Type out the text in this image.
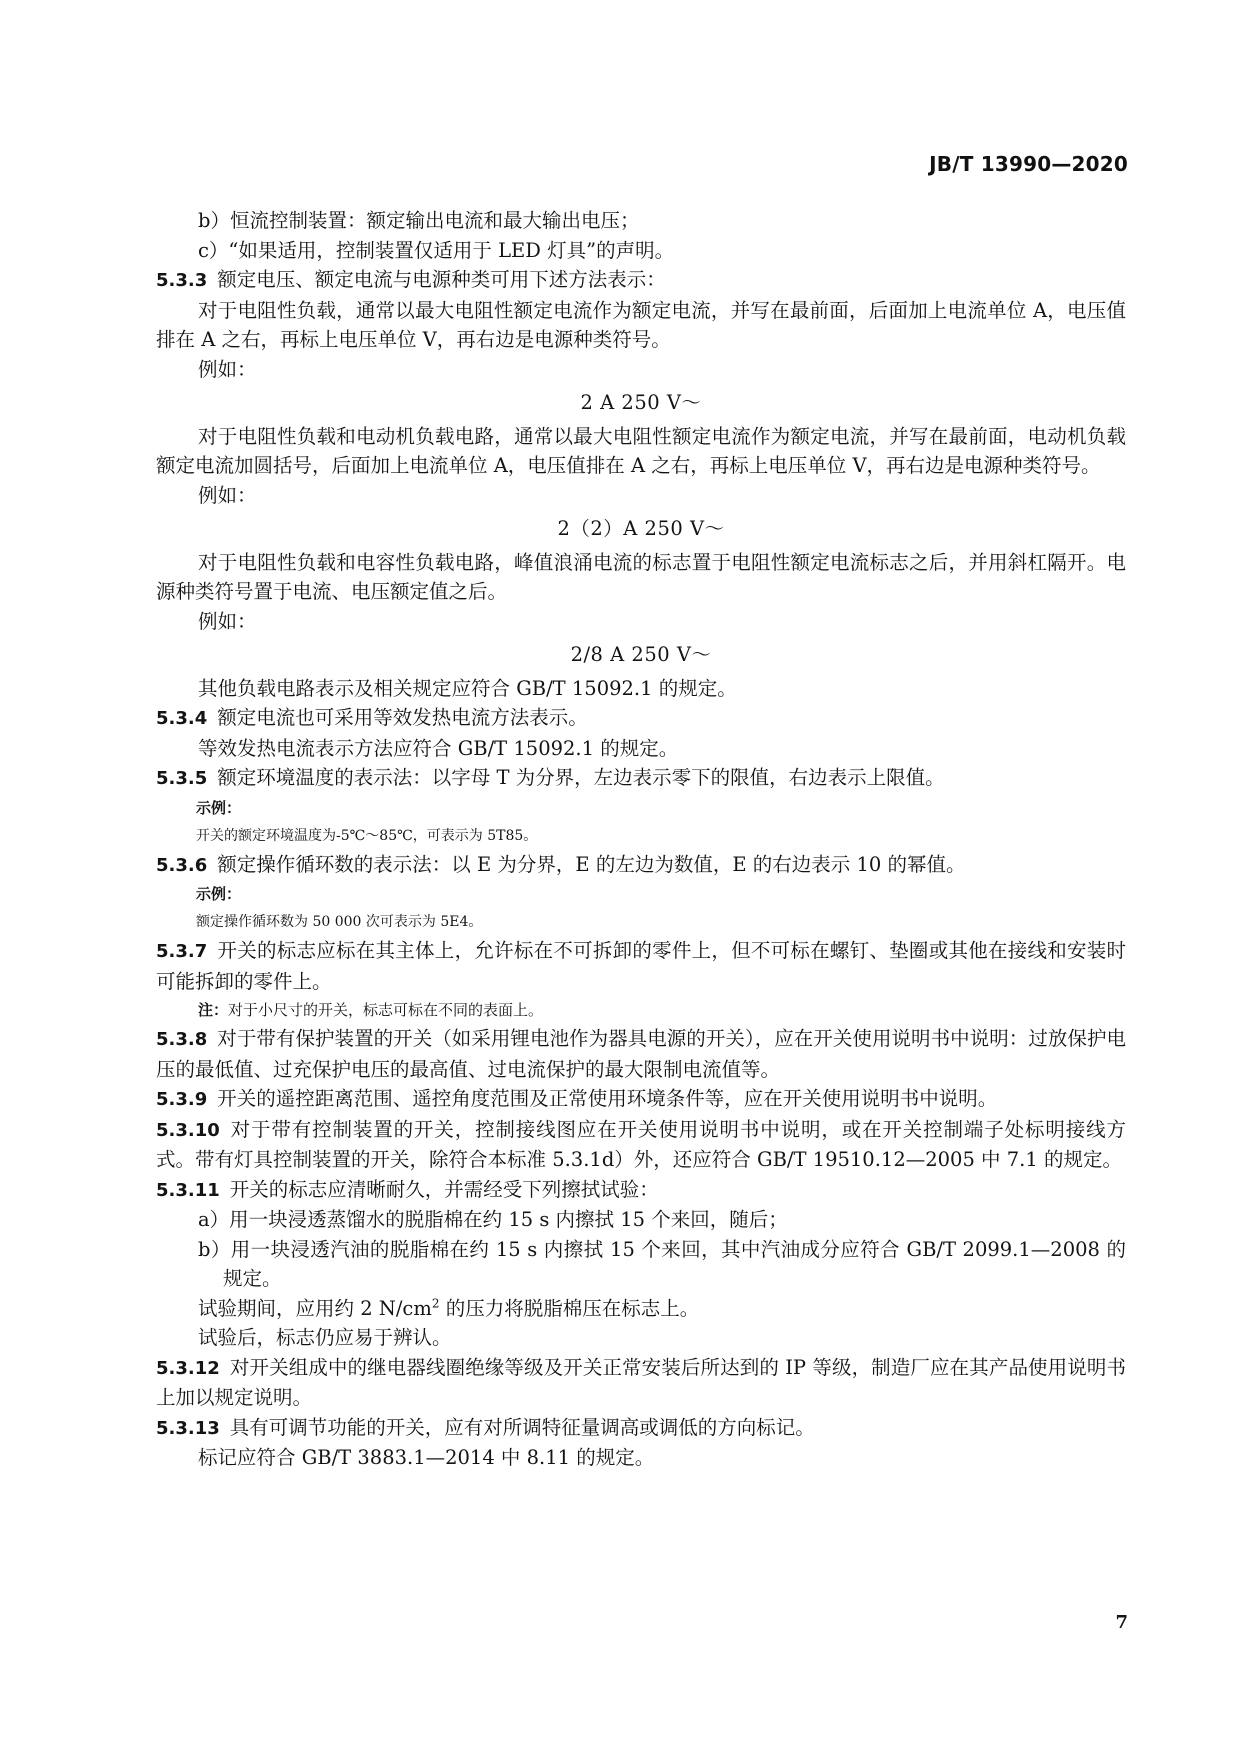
JB/T 13990—2020

b）恒流控制装置：额定输出电流和最大输出电压；

c）“如果适用，控制装置仅适用于 LED 灯具”的声明。

5.3.3 额定电压、额定电流与电源种类可用下述方法表示：

对于电阻性负载，通常以最大电阻性额定电流作为额定电流，并写在最前面，后面加上电流单位 A，电压值排在 A 之右，再标上电压单位 V，再右边是电源种类符号。

例如：

2 A 250 V～

对于电阻性负载和电动机负载电路，通常以最大电阻性额定电流作为额定电流，并写在最前面，电动机负载额定电流加圆括号，后面加上电流单位 A，电压值排在 A 之右，再标上电压单位 V，再右边是电源种类符号。

例如：

2（2）A 250 V～

对于电阻性负载和电容性负载电路，峰值浪涌电流的标志置于电阻性额定电流标志之后，并用斜杠隔开。电源种类符号置于电流、电压额定值之后。

例如：

2/8 A 250 V～

其他负载电路表示及相关规定应符合 GB/T 15092.1 的规定。

5.3.4 额定电流也可采用等效发热电流方法表示。

等效发热电流表示方法应符合 GB/T 15092.1 的规定。

5.3.5 额定环境温度的表示法：以字母 T 为分界，左边表示零下的限值，右边表示上限值。

示例：

开关的额定环境温度为-5℃～85℃，可表示为 5T85。

5.3.6 额定操作循环数的表示法：以 E 为分界，E 的左边为数值，E 的右边表示 10 的幂值。

示例：

额定操作循环数为 50 000 次可表示为 5E4。

5.3.7 开关的标志应标在其主体上，允许标在不可拆卸的零件上，但不可标在螺钉、垫圈或其他在接线和安装时可能拆卸的零件上。

注：对于小尺寸的开关，标志可标在不同的表面上。

5.3.8 对于带有保护装置的开关（如采用锂电池作为器具电源的开关），应在开关使用说明书中说明：过放保护电压的最低值、过充保护电压的最高值、过电流保护的最大限制电流值等。

5.3.9 开关的遥控距离范围、遥控角度范围及正常使用环境条件等，应在开关使用说明书中说明。

5.3.10 对于带有控制装置的开关，控制接线图应在开关使用说明书中说明，或在开关控制端子处标明接线方式。带有灯具控制装置的开关，除符合本标准 5.3.1d）外，还应符合 GB/T 19510.12—2005 中 7.1 的规定。

5.3.11 开关的标志应清晰耐久，并需经受下列擦拭试验：

a）用一块浸透蒸馏水的脱脂棉在约 15 s 内擦拭 15 个来回，随后；

b）用一块浸透汽油的脱脂棉在约 15 s 内擦拭 15 个来回，其中汽油成分应符合 GB/T 2099.1—2008 的规定。

试验期间，应用约 2 $N/cm^2$ 的压力将脱脂棉压在标志上。

试验后，标志仍应易于辨认。

5.3.12 对开关组成中的继电器线圈绝缘等级及开关正常安装后所达到的 IP 等级，制造厂应在其产品使用说明书上加以规定说明。

5.3.13 具有可调节功能的开关，应有对所调特征量调高或调低的方向标记。

标记应符合 GB/T 3883.1—2014 中 8.11 的规定。

7
